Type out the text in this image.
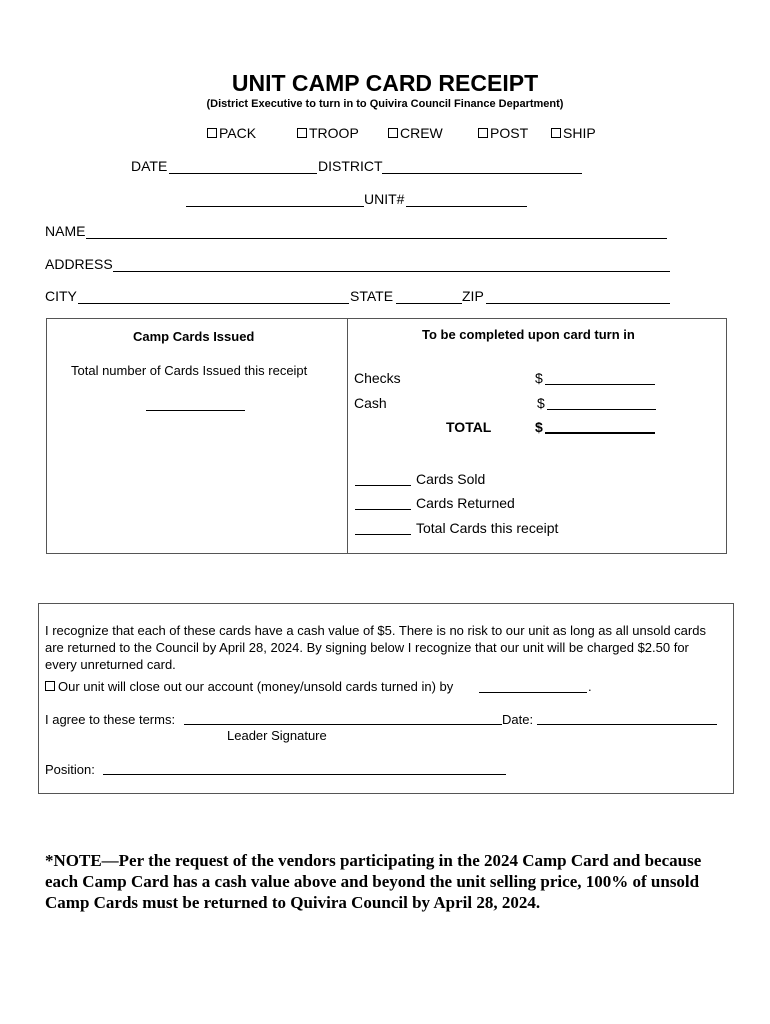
UNIT CAMP CARD RECEIPT
(District Executive to turn in to Quivira Council Finance Department)
PACK	TROOP	CREW	POST	SHIP
DATE	DISTRICT
UNIT#
NAME
ADDRESS
CITY	STATE	ZIP
Camp Cards Issued
Total number of Cards Issued this receipt
To be completed upon card turn in
Checks	$
Cash	$
TOTAL	$
Cards Sold
Cards Returned
Total Cards this receipt
I recognize that each of these cards have a cash value of $5. There is no risk to our unit as long as all unsold cards are returned to the Council by April 28, 2024. By signing below I recognize that our unit will be charged $2.50 for every unreturned card.
Our unit will close out our account (money/unsold cards turned in) by	.
I agree to these terms:	Date:
Leader Signature
Position:
*NOTE—Per the request of the vendors participating in the 2024 Camp Card and because each Camp Card has a cash value above and beyond the unit selling price, 100% of unsold Camp Cards must be returned to Quivira Council by April 28, 2024.
